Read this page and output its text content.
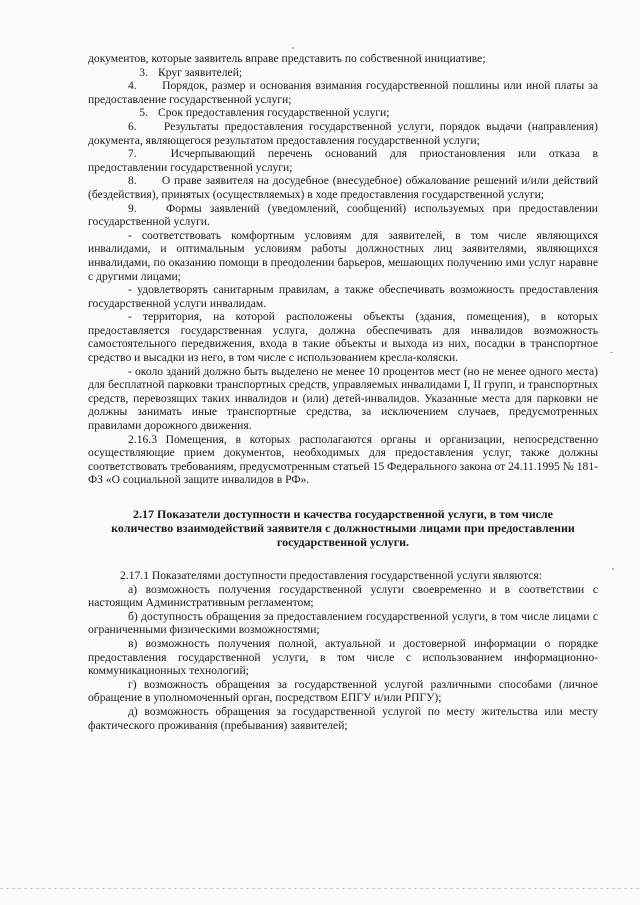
документов, которые заявитель вправе представить по собственной инициативе;

3. Круг заявителей;

4. Порядок, размер и основания взимания государственной пошлины или иной платы за предоставление государственной услуги;

5. Срок предоставления государственной услуги;

6. Результаты предоставления государственной услуги, порядок выдачи (направления) документа, являющегося результатом предоставления государственной услуги;

7.	Исчерпывающий перечень оснований для приостановления или отказа в предоставлении государственной услуги;

8. О праве заявителя на досудебное (внесудебное) обжалование решений и/или действий (бездействия), принятых (осуществляемых) в ходе предоставления государственной услуги;

9.	Формы заявлений (уведомлений, сообщений) используемых при предоставлении государственной услуги.

- соответствовать комфортным условиям для заявителей, в том числе являющихся инвалидами, и оптимальным условиям работы должностных лиц заявителями, являющихся инвалидами, по оказанию помощи в преодолении барьеров, мешающих получению ими услуг наравне с другими лицами;

- удовлетворять санитарным правилам, а также обеспечивать возможность предоставления государственной услуги инвалидам.

- территория, на которой расположены объекты (здания, помещения), в которых предоставляется государственная услуга, должна обеспечивать для инвалидов возможность самостоятельного передвижения, входа в такие объекты и выхода из них, посадки в транспортное средство и высадки из него, в том числе с использованием кресла-коляски.

- около зданий должно быть выделено не менее 10 процентов мест (но не менее одного места) для бесплатной парковки транспортных средств, управляемых инвалидами I, II групп, и транспортных средств, перевозящих таких инвалидов и (или) детей-инвалидов. Указанные места для парковки не должны занимать иные транспортные средства, за исключением случаев, предусмотренных правилами дорожного движения.

2.16.3 Помещения, в которых располагаются органы и организации, непосредственно осуществляющие прием документов, необходимых для предоставления услуг, также должны соответствовать требованиям, предусмотренным статьей 15 Федерального закона от 24.11.1995 № 181-ФЗ «О социальной защите инвалидов в РФ».

2.17 Показатели доступности и качества государственной услуги, в том числе количество взаимодействий заявителя с должностными лицами при предоставлении государственной услуги.

2.17.1 Показателями доступности предоставления государственной услуги являются:

а) возможность получения государственной услуги своевременно и в соответствии с настоящим Административным регламентом;

б) доступность обращения за предоставлением государственной услуги, в том числе лицами с ограниченными физическими возможностями;

в) возможность получения полной, актуальной и достоверной информации о порядке предоставления государственной услуги, в том числе с использованием информационно-коммуникационных технологий;

г) возможность обращения за государственной услугой различными способами (личное обращение в уполномоченный орган, посредством ЕПГУ и/или РПГУ);

д) возможность обращения за государственной услугой по месту жительства или месту фактического проживания (пребывания) заявителей;
